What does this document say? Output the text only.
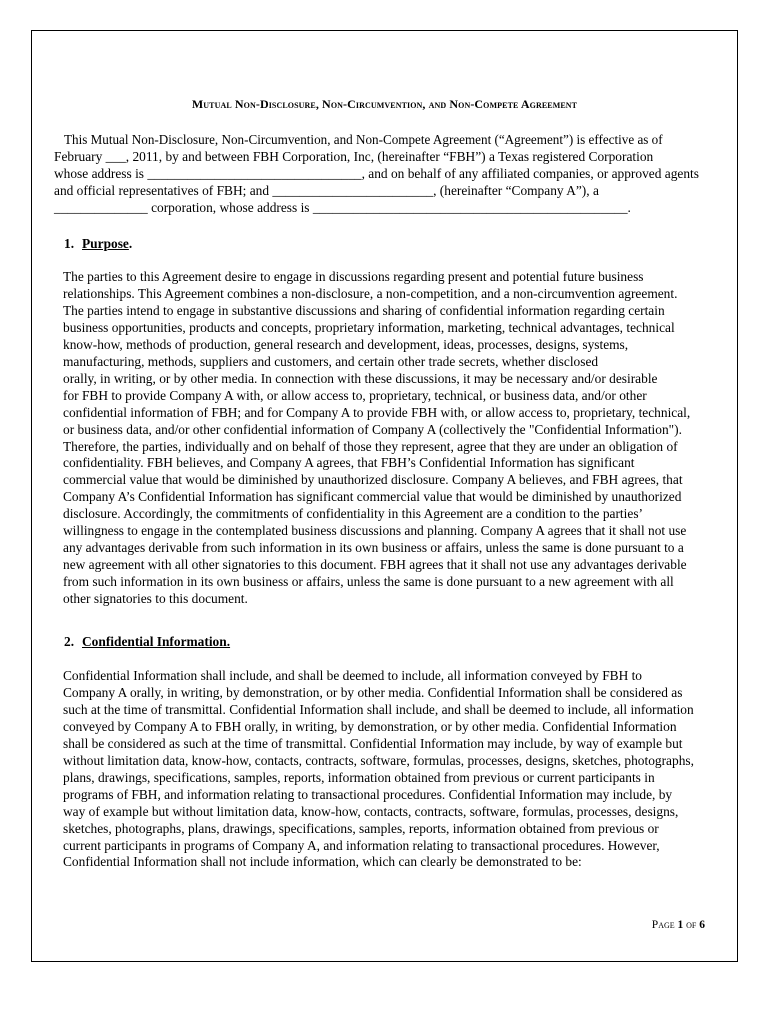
Mutual Non-Disclosure, Non-Circumvention, and Non-Compete Agreement
This Mutual Non-Disclosure, Non-Circumvention, and Non-Compete Agreement (“Agreement”) is effective as of
February ___, 2011, by and between FBH Corporation, Inc, (hereinafter “FBH”) a Texas registered Corporation
whose address is ________________________________, and on behalf of any affiliated companies, or approved agents
and official representatives of FBH; and ________________________, (hereinafter “Company A”), a
______________ corporation, whose address is _______________________________________________.
1. Purpose.
The parties to this Agreement desire to engage in discussions regarding present and potential future business
relationships. This Agreement combines a non-disclosure, a non-competition, and a non-circumvention agreement.
The parties intend to engage in substantive discussions and sharing of confidential information regarding certain
business opportunities, products and concepts, proprietary information, marketing, technical advantages, technical
know-how, methods of production, general research and development, ideas, processes, designs, systems,
manufacturing, methods, suppliers and customers, and certain other trade secrets, whether disclosed
orally, in writing, or by other media. In connection with these discussions, it may be necessary and/or desirable
for FBH to provide Company A with, or allow access to, proprietary, technical, or business data, and/or other
confidential information of FBH; and for Company A to provide FBH with, or allow access to, proprietary, technical,
or business data, and/or other confidential information of Company A (collectively the "Confidential Information").
Therefore, the parties, individually and on behalf of those they represent, agree that they are under an obligation of
confidentiality. FBH believes, and Company A agrees, that FBH’s Confidential Information has significant
commercial value that would be diminished by unauthorized disclosure. Company A believes, and FBH agrees, that
Company A’s Confidential Information has significant commercial value that would be diminished by unauthorized
disclosure. Accordingly, the commitments of confidentiality in this Agreement are a condition to the parties’
willingness to engage in the contemplated business discussions and planning. Company A agrees that it shall not use
any advantages derivable from such information in its own business or affairs, unless the same is done pursuant to a
new agreement with all other signatories to this document. FBH agrees that it shall not use any advantages derivable
from such information in its own business or affairs, unless the same is done pursuant to a new agreement with all
other signatories to this document.
2. Confidential Information.
Confidential Information shall include, and shall be deemed to include, all information conveyed by FBH to
Company A orally, in writing, by demonstration, or by other media. Confidential Information shall be considered as
such at the time of transmittal. Confidential Information shall include, and shall be deemed to include, all information
conveyed by Company A to FBH orally, in writing, by demonstration, or by other media. Confidential Information
shall be considered as such at the time of transmittal. Confidential Information may include, by way of example but
without limitation data, know-how, contacts, contracts, software, formulas, processes, designs, sketches, photographs,
plans, drawings, specifications, samples, reports, information obtained from previous or current participants in
programs of FBH, and information relating to transactional procedures. Confidential Information may include, by
way of example but without limitation data, know-how, contacts, contracts, software, formulas, processes, designs,
sketches, photographs, plans, drawings, specifications, samples, reports, information obtained from previous or
current participants in programs of Company A, and information relating to transactional procedures. However,
Confidential Information shall not include information, which can clearly be demonstrated to be:
Page 1 of 6
